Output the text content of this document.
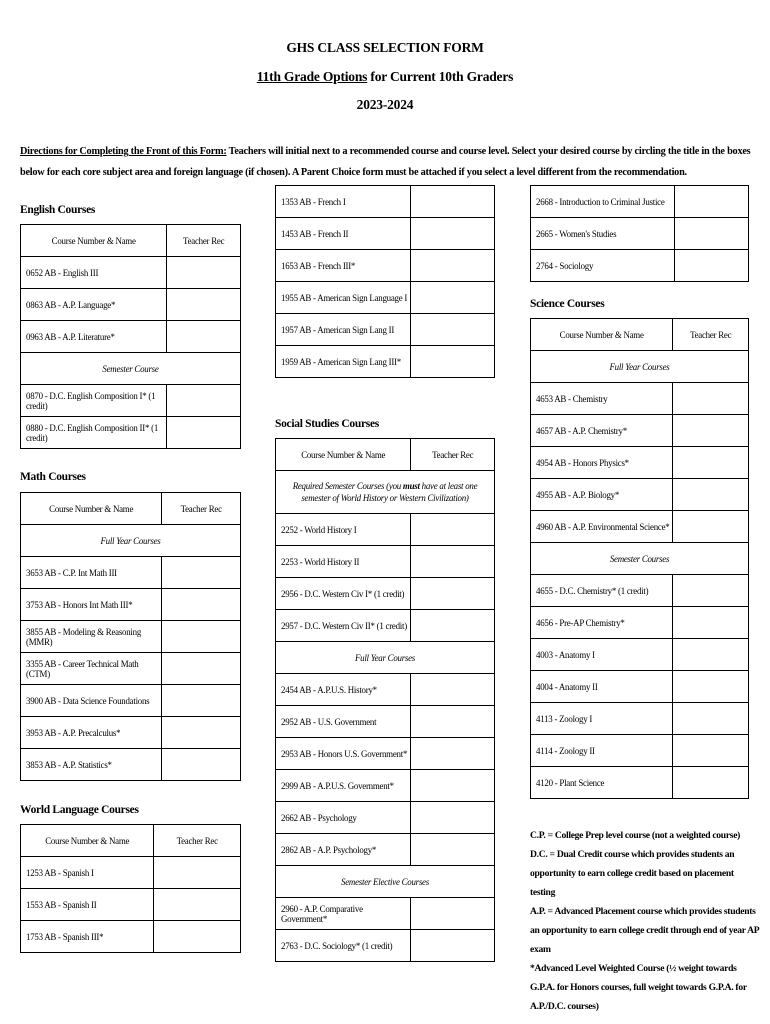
GHS CLASS SELECTION FORM
11th Grade Options for Current 10th Graders
2023-2024
Directions for Completing the Front of this Form: Teachers will initial next to a recommended course and course level. Select your desired course by circling the title in the boxes below for each core subject area and foreign language (if chosen). A Parent Choice form must be attached if you select a level different from the recommendation.
English Courses
Course Number & Name	Teacher Rec
0652 AB - English III	
0863 AB - A.P. Language*	
0963 AB - A.P. Literature*	
Semester Course	
0870 - D.C. English Composition I* (1 credit)	
0880 - D.C. English Composition II* (1 credit)	
Math Courses
Course Number & Name	Teacher Rec
Full Year Courses	
3653 AB - C.P. Int Math III	
3753 AB - Honors Int Math III*	
3855 AB - Modeling & Reasoning (MMR)	
3355 AB - Career Technical Math (CTM)	
3900 AB - Data Science Foundations	
3953 AB - A.P. Precalculus*	
3853 AB - A.P. Statistics*	
World Language Courses
Course Number & Name	Teacher Rec
1253 AB - Spanish I	
1553 AB - Spanish II	
1753 AB - Spanish III*	
1353 AB - French I	
1453 AB - French II	
1653 AB - French III*	
1955 AB - American Sign Language I	
1957 AB - American Sign Lang II	
1959 AB - American Sign Lang III*	
Social Studies Courses
Course Number & Name	Teacher Rec
Required Semester Courses (you must have at least one semester of World History or Western Civilization)	
2252 - World History I	
2253 - World History II	
2956 - D.C. Western Civ I* (1 credit)	
2957 - D.C. Western Civ II* (1 credit)	
Full Year Courses	
2454 AB - A.P.U.S. History*	
2952 AB - U.S. Government	
2953 AB - Honors U.S. Government*	
2999 AB - A.P.U.S. Government*	
2662 AB - Psychology	
2862 AB - A.P. Psychology*	
Semester Elective Courses	
2960 - A.P. Comparative Government*	
2763 - D.C. Sociology* (1 credit)	
2668 - Introduction to Criminal Justice	
2665 - Women's Studies	
2764 - Sociology	
Science Courses
Course Number & Name	Teacher Rec
Full Year Courses	
4653 AB - Chemistry	
4657 AB - A.P. Chemistry*	
4954 AB - Honors Physics*	
4955 AB - A.P. Biology*	
4960 AB - A.P. Environmental Science*	
Semester Courses	
4655 - D.C. Chemistry* (1 credit)	
4656 - Pre-AP Chemistry*	
4003 - Anatomy I	
4004 - Anatomy II	
4113 - Zoology I	
4114 - Zoology II	
4120 - Plant Science	
C.P. = College Prep level course (not a weighted course)
D.C. = Dual Credit course which provides students an opportunity to earn college credit based on placement testing
A.P. = Advanced Placement course which provides students an opportunity to earn college credit through end of year AP exam
*Advanced Level Weighted Course (½ weight towards G.P.A. for Honors courses, full weight towards G.P.A. for A.P./D.C. courses)
